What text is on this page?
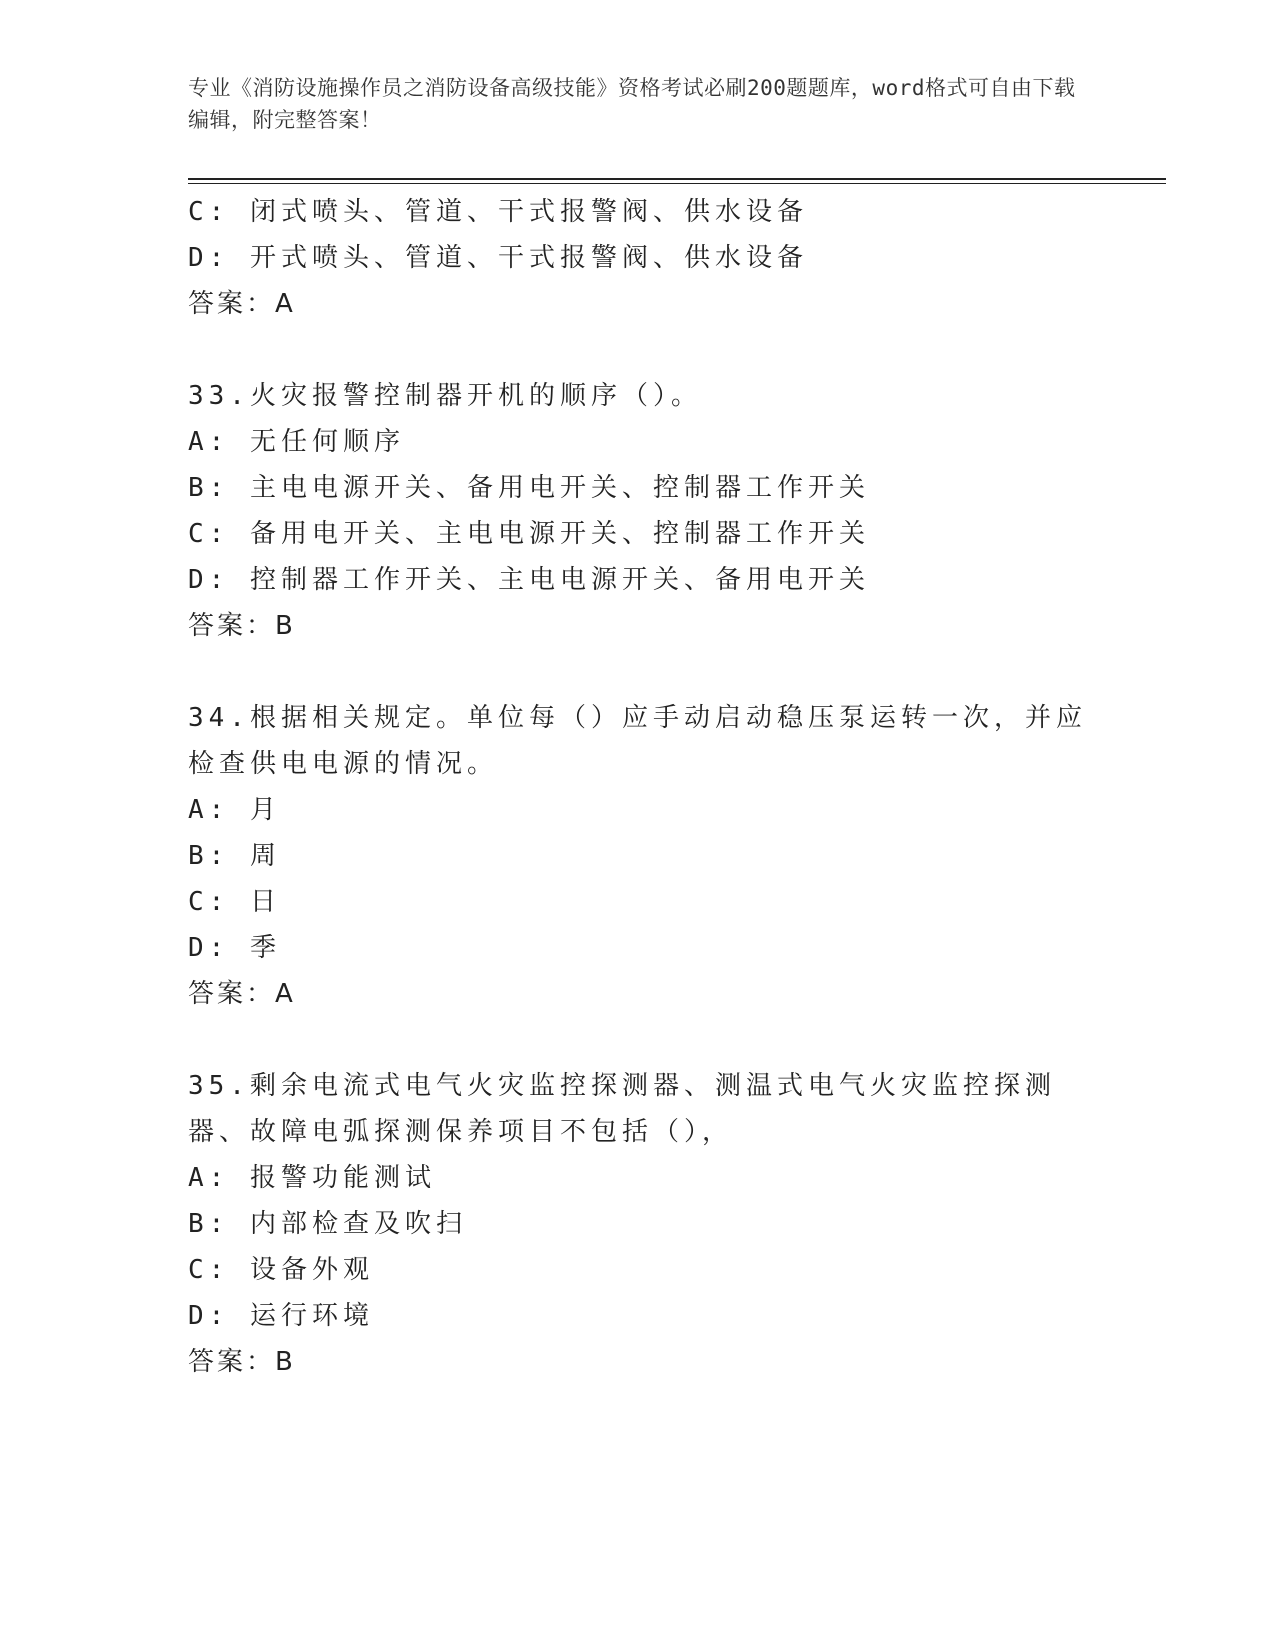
专业《消防设施操作员之消防设备高级技能》资格考试必刷200题题库，word格式可自由下载编辑，附完整答案！
C: 闭式喷头、管道、干式报警阀、供水设备
D: 开式喷头、管道、干式报警阀、供水设备
答案：A
33.火灾报警控制器开机的顺序（）。
A: 无任何顺序
B: 主电电源开关、备用电开关、控制器工作开关
C: 备用电开关、主电电源开关、控制器工作开关
D: 控制器工作开关、主电电源开关、备用电开关
答案：B
34.根据相关规定。单位每（）应手动启动稳压泵运转一次，并应检查供电电源的情况。
A: 月
B: 周
C: 日
D: 季
答案：A
35.剩余电流式电气火灾监控探测器、测温式电气火灾监控探测器、故障电弧探测保养项目不包括（），
A: 报警功能测试
B: 内部检查及吹扫
C: 设备外观
D: 运行环境
答案：B
